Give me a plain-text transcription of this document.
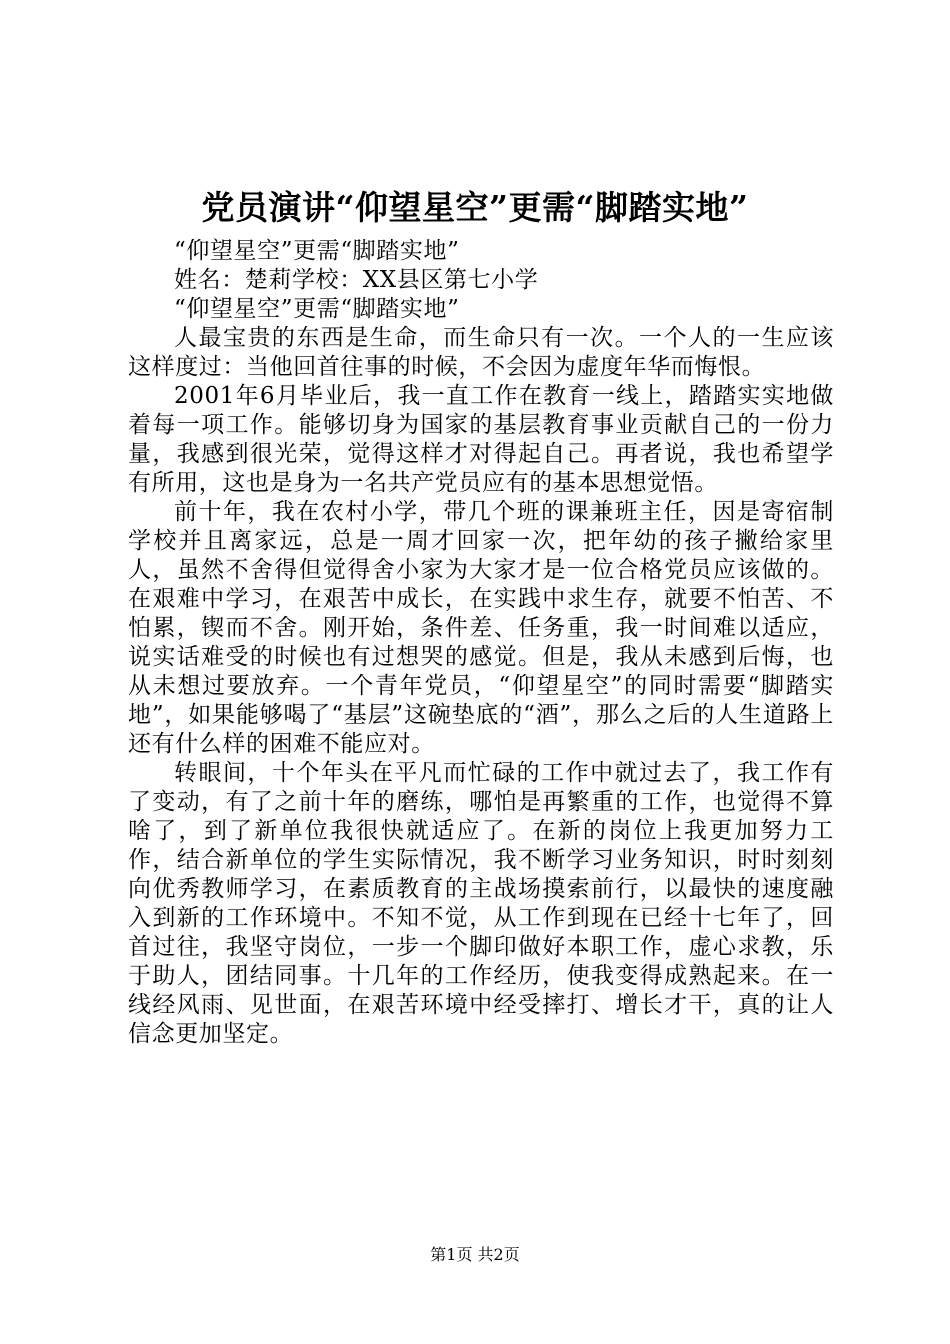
党员演讲“仰望星空”更需“脚踏实地”

“仰望星空”更需“脚踏实地”

姓名：楚莉学校：XX县区第七小学

“仰望星空”更需“脚踏实地”

人最宝贵的东西是生命，而生命只有一次。一个人的一生应该这样度过：当他回首往事的时候，不会因为虚度年华而悔恨。

2001年6月毕业后，我一直工作在教育一线上，踏踏实实地做着每一项工作。能够切身为国家的基层教育事业贡献自己的一份力量，我感到很光荣，觉得这样才对得起自己。再者说，我也希望学有所用，这也是身为一名共产党员应有的基本思想觉悟。

前十年，我在农村小学，带几个班的课兼班主任，因是寄宿制学校并且离家远，总是一周才回家一次，把年幼的孩子撇给家里人，虽然不舍得但觉得舍小家为大家才是一位合格党员应该做的。在艰难中学习，在艰苦中成长，在实践中求生存，就要不怕苦、不怕累，锲而不舍。刚开始，条件差、任务重，我一时间难以适应，说实话难受的时候也有过想哭的感觉。但是，我从未感到后悔，也从未想过要放弃。一个青年党员，“仰望星空”的同时需要“脚踏实地”，如果能够喝了“基层”这碗垫底的“酒”，那么之后的人生道路上还有什么样的困难不能应对。

转眼间，十个年头在平凡而忙碌的工作中就过去了，我工作有了变动，有了之前十年的磨练，哪怕是再繁重的工作，也觉得不算啥了，到了新单位我很快就适应了。在新的岗位上我更加努力工作，结合新单位的学生实际情况，我不断学习业务知识，时时刻刻向优秀教师学习，在素质教育的主战场摸索前行，以最快的速度融入到新的工作环境中。不知不觉，从工作到现在已经十七年了，回首过往，我坚守岗位，一步一个脚印做好本职工作，虚心求教，乐于助人，团结同事。十几年的工作经历，使我变得成熟起来。在一线经风雨、见世面，在艰苦环境中经受摔打、增长才干，真的让人信念更加坚定。

第1页 共2页
